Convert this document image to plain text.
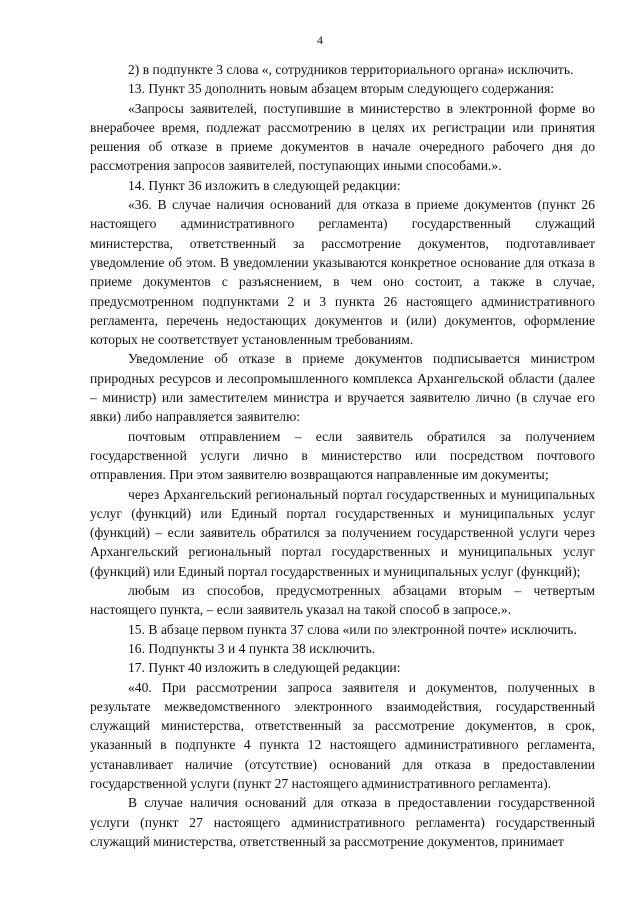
4

2) в подпункте 3 слова «, сотрудников территориального органа» исключить.

13. Пункт 35 дополнить новым абзацем вторым следующего содержания:

«Запросы заявителей, поступившие в министерство в электронной форме во внерабочее время, подлежат рассмотрению в целях их регистрации или принятия решения об отказе в приеме документов в начале очередного рабочего дня до рассмотрения запросов заявителей, поступающих иными способами.».

14. Пункт 36 изложить в следующей редакции:

«36. В случае наличия оснований для отказа в приеме документов (пункт 26 настоящего административного регламента) государственный служащий министерства, ответственный за рассмотрение документов, подготавливает уведомление об этом. В уведомлении указываются конкретное основание для отказа в приеме документов с разъяснением, в чем оно состоит, а также в случае, предусмотренном подпунктами 2 и 3 пункта 26 настоящего административного регламента, перечень недостающих документов и (или) документов, оформление которых не соответствует установленным требованиям.

Уведомление об отказе в приеме документов подписывается министром природных ресурсов и лесопромышленного комплекса Архангельской области (далее – министр) или заместителем министра и вручается заявителю лично (в случае его явки) либо направляется заявителю:

почтовым отправлением – если заявитель обратился за получением государственной услуги лично в министерство или посредством почтового отправления. При этом заявителю возвращаются направленные им документы;

через Архангельский региональный портал государственных и муниципальных услуг (функций) или Единый портал государственных и муниципальных услуг (функций) – если заявитель обратился за получением государственной услуги через Архангельский региональный портал государственных и муниципальных услуг (функций) или Единый портал государственных и муниципальных услуг (функций);

любым из способов, предусмотренных абзацами вторым – четвертым настоящего пункта, – если заявитель указал на такой способ в запросе.».

15. В абзаце первом пункта 37 слова «или по электронной почте» исключить.

16. Подпункты 3 и 4 пункта 38 исключить.

17. Пункт 40 изложить в следующей редакции:

«40. При рассмотрении запроса заявителя и документов, полученных в результате межведомственного электронного взаимодействия, государственный служащий министерства, ответственный за рассмотрение документов, в срок, указанный в подпункте 4 пункта 12 настоящего административного регламента, устанавливает наличие (отсутствие) оснований для отказа в предоставлении государственной услуги (пункт 27 настоящего административного регламента).

В случае наличия оснований для отказа в предоставлении государственной услуги (пункт 27 настоящего административного регламента) государственный служащий министерства, ответственный за рассмотрение документов, принимает
